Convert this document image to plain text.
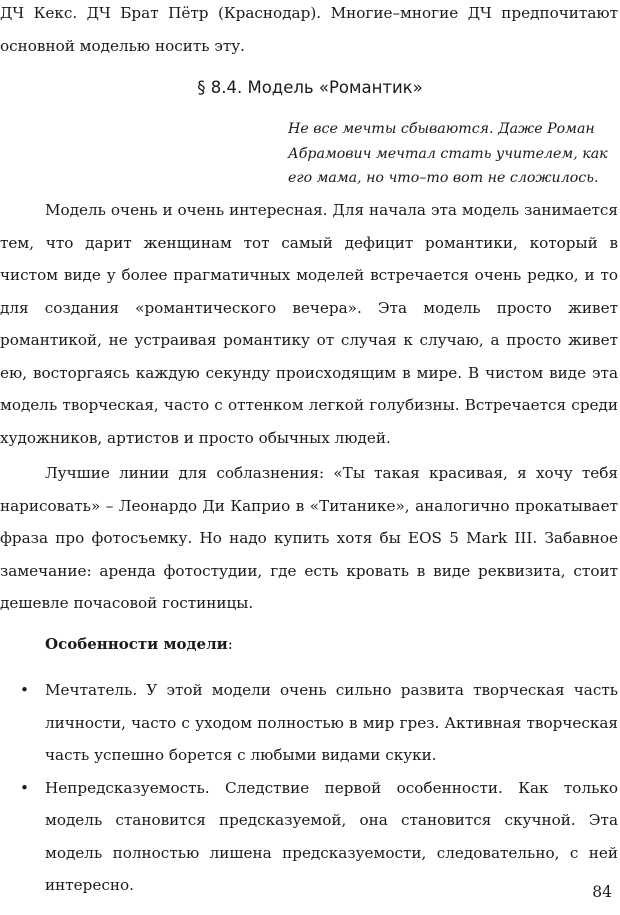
ДЧ Кекс. ДЧ Брат Пётр (Краснодар). Многие–многие ДЧ предпочитают основной моделью носить эту.

§ 8.4. Модель «Романтик»
Не все мечты сбываются. Даже Роман
Абрамович мечтал стать учителем, как
его мама, но что–то вот не сложилось.

Модель очень и очень интересная. Для начала эта модель занимается тем, что дарит женщинам тот самый дефицит романтики, который в чистом виде у более прагматичных моделей встречается очень редко, и то для создания «романтического вечера». Эта модель просто живет романтикой, не устраивая романтику от случая к случаю, а просто живет ею, восторгаясь каждую секунду происходящим в мире. В чистом виде эта модель творческая, часто с оттенком легкой голубизны. Встречается среди художников, артистов и просто обычных людей.

Лучшие линии для соблазнения: «Ты такая красивая, я хочу тебя нарисовать» – Леонардо Ди Каприо в «Титанике», аналогично прокатывает фраза про фотосъемку. Но надо купить хотя бы EOS 5 Mark III. Забавное замечание: аренда фотостудии, где есть кровать в виде реквизита, стоит дешевле почасовой гостиницы.

Особенности модели:

• Мечтатель. У этой модели очень сильно развита творческая часть личности, часто с уходом полностью в мир грез. Активная творческая часть успешно борется с любыми видами скуки.
• Непредсказуемость. Следствие первой особенности. Как только модель становится предсказуемой, она становится скучной. Эта модель полностью лишена предсказуемости, следовательно, с ней интересно.	84
